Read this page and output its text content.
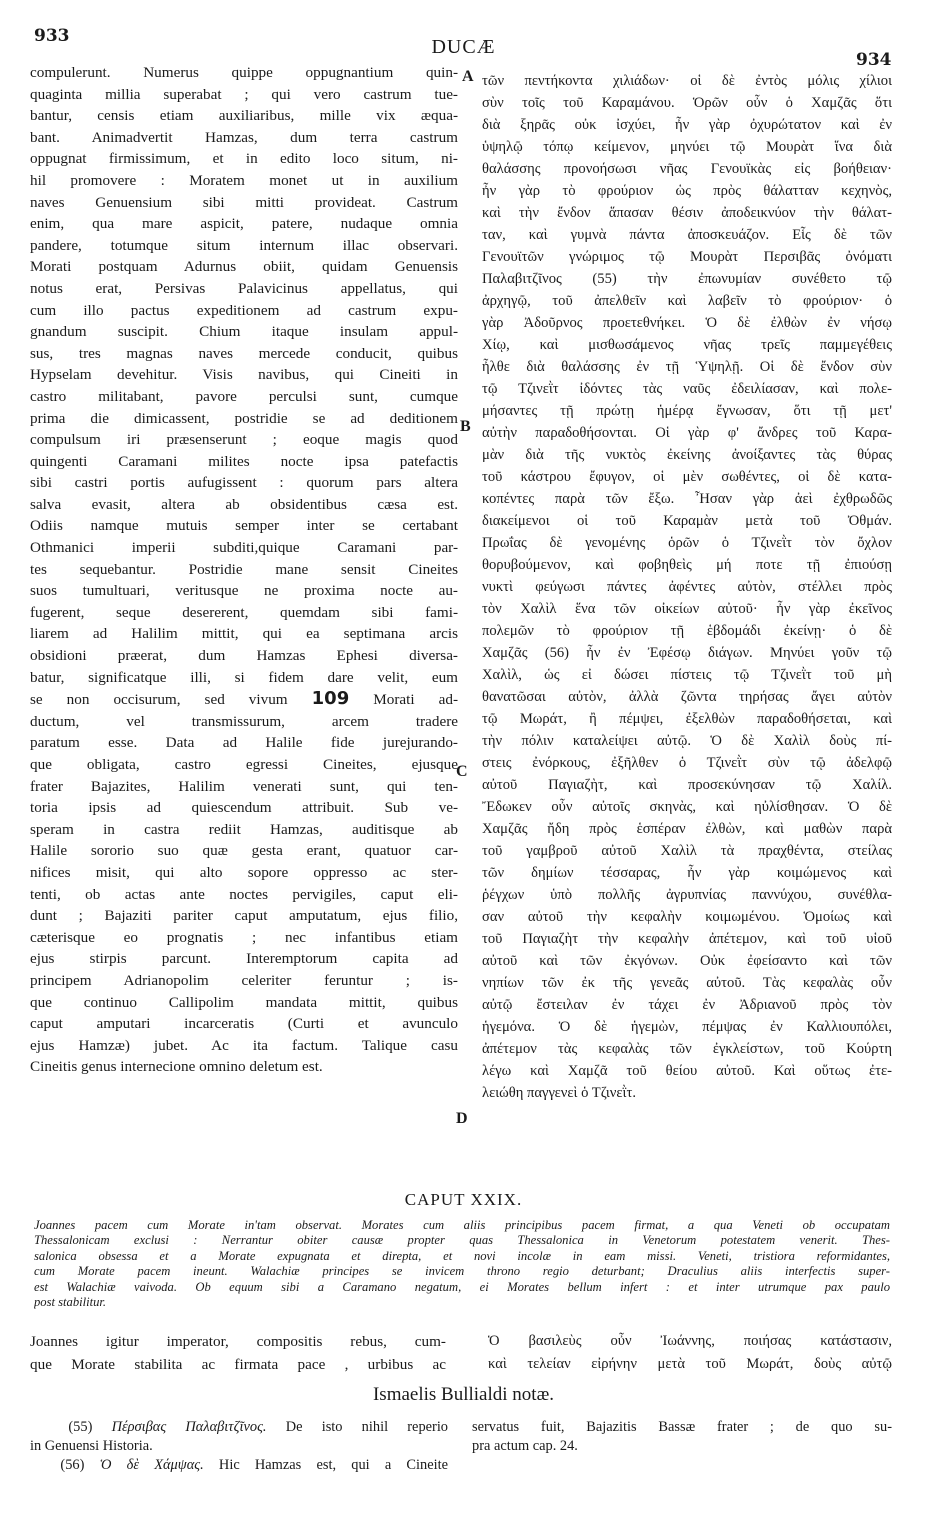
933	DUCÆ
934
compulerunt. Numerus quippe oppugnantium quin-
quaginta millia superabat ; qui vero castrum tue-
bantur, censis etiam auxiliaribus, mille vix æqua-
bant. Animadvertit Hamzas, dum terra castrum
oppugnat firmissimum, et in edito loco situm, ni-
hil promovere : Moratem monet ut in auxilium
naves Genuensium sibi mitti provideat. Castrum
enim, qua mare aspicit, patere, nudaque omnia
pandere, totumque situm internum illac observari.
Morati postquam Adurnus obiit, quidam Genuensis
notus erat, Persivas Palavicinus appellatus, qui
cum illo pactus expeditionem ad castrum expu-
gnandum suscipit. Chium itaque insulam appul-
sus, tres magnas naves mercede conducit, quibus
Hypselam devehitur. Visis navibus, qui Cineiti in
castro militabant, pavore perculsi sunt, cumque
prima die dimicassent, postridie se ad deditionem
compulsum iri præsenserunt ; eoque magis quod
quingenti Caramani milites nocte ipsa patefactis
sibi castri portis aufugissent : quorum pars altera
salva evasit, altera ab obsidentibus cæsa est.
Odiis namque mutuis semper inter se certabant
Othmanici imperii subditi,quique Caramani par-
tes sequebantur. Postridie mane sensit Cineites
suos tumultuari, veritusque ne proxima nocte au-
fugerent, seque desererent, quemdam sibi fami-
liarem ad Halilim mittit, qui ea septimana arcis
obsidioni præerat, dum Hamzas Ephesi diversa-
batur, significatque illi, si fidem dare velit, eum
se non occisurum, sed vivum 109 Morati ad-
ductum, vel transmissurum, arcem tradere
paratum esse. Data ad Halile fide jurejurando-
que obligata, castro egressi Cineites, ejusque
frater Bajazites, Halilim venerati sunt, qui ten-
toria ipsis ad quiescendum attribuit. Sub ve-
speram in castra rediit Hamzas, auditisque ab
Halile sororio suo quæ gesta erant, quatuor car-
nifices misit, qui alto sopore oppresso ac ster-
tenti, ob actas ante noctes pervigiles, caput eli-
dunt ; Bajaziti pariter caput amputatum, ejus filio,
cæterisque eo prognatis ; nec infantibus etiam
ejus stirpis parcunt. Interemptorum capita ad
principem Adrianopolim celeriter feruntur ; is-
que continuo Callipolim mandata mittit, quibus
caput amputari incarceratis (Curti et avunculo
ejus Hamzæ) jubet. Ac ita factum. Talique casu
Cineitis genus internecione omnino deletum est.
A
B
C
D
τῶν πεντήκοντα χιλιάδων· οἱ δὲ ἐντὸς μόλις χίλιοι
σὺν τοῖς τοῦ Καραμάνου. Ὁρῶν οὖν ὁ Χαμζᾶς ὅτι
διὰ ξηρᾶς οὐκ ἰσχύει, ἦν γὰρ ὀχυρώτατον καὶ ἐν
ὑψηλῷ τόπῳ κείμενον, μηνύει τῷ Μουρὰτ ἵνα διὰ
θαλάσσης προνοήσωσι νῆας Γενουϊκὰς εἰς βοήθειαν·
ἦν γὰρ τὸ φρούριον ὡς πρὸς θάλατταν κεχηνὸς,
καὶ τὴν ἔνδον ἅπασαν θέσιν ἀποδεικνύον τὴν θάλατ-
ταν, καὶ γυμνὰ πάντα ἀποσκευάζον. Εἷς δὲ τῶν
Γενουϊτῶν γνώριμος τῷ Μουρὰτ Περσιβᾶς ὀνόματι
Παλαβιτζῖνος (55) τὴν ἐπωνυμίαν συνέθετο τῷ
ἀρχηγῷ, τοῦ ἀπελθεῖν καὶ λαβεῖν τὸ φρούριον· ὁ
γὰρ Ἀδοῦρνος προετεθνήκει. Ὁ δὲ ἐλθὼν ἐν νήσῳ
Χίῳ, καὶ μισθωσάμενος νῆας τρεῖς παμμεγέθεις
ἦλθε διὰ θαλάσσης ἐν τῇ Ὑψηλῇ. Οἱ δὲ ἔνδον σὺν
τῷ Τζινεῒτ ἰδόντες τὰς ναῦς ἐδειλίασαν, καὶ πολε-
μήσαντες τῇ πρώτῃ ἡμέρᾳ ἔγνωσαν, ὅτι τῇ μετ'
αὐτὴν παραδοθήσονται. Οἱ γὰρ φ' ἄνδρες τοῦ Καρα-
μὰν διὰ τῆς νυκτὸς ἐκείνης ἀνοίξαντες τὰς θύρας
τοῦ κάστρου ἔφυγον, οἱ μὲν σωθέντες, οἱ δὲ κατα-
κοπέντες παρὰ τῶν ἔξω. Ἦσαν γὰρ ἀεὶ ἐχθρωδῶς
διακείμενοι οἱ τοῦ Καραμὰν μετὰ τοῦ Ὀθμάν.
Πρωΐας δὲ γενομένης ὁρῶν ὁ Τζινεῒτ τὸν ὄχλον
θορυβούμενον, καὶ φοβηθεὶς μή ποτε τῇ ἐπιούσῃ
νυκτὶ φεύγωσι πάντες ἀφέντες αὐτὸν, στέλλει πρὸς
τὸν Χαλὶλ ἕνα τῶν οἰκείων αὐτοῦ· ἦν γὰρ ἐκεῖνος
πολεμῶν τὸ φρούριον τῇ ἑβδομάδι ἐκείνῃ· ὁ δὲ
Χαμζᾶς (56) ἦν ἐν Ἐφέσῳ διάγων. Μηνύει γοῦν τῷ
Χαλὶλ, ὡς εἰ δώσει πίστεις τῷ Τζινεῒτ τοῦ μὴ
θανατῶσαι αὐτὸν, ἀλλὰ ζῶντα τηρήσας ἄγει αὐτὸν
τῷ Μωράτ, ἢ πέμψει, ἐξελθὼν παραδοθήσεται, καὶ
τὴν πόλιν καταλείψει αὐτῷ. Ὁ δὲ Χαλὶλ δοὺς πί-
στεις ἐνόρκους, ἐξῆλθεν ὁ Τζινεῒτ σὺν τῷ ἀδελφῷ
αὐτοῦ Παγιαζὴτ, καὶ προσεκύνησαν τῷ Χαλίλ.
Ἔδωκεν οὖν αὐτοῖς σκηνὰς, καὶ ηὐλίσθησαν. Ὁ δὲ
Χαμζᾶς ἤδη πρὸς ἑσπέραν ἐλθὼν, καὶ μαθὼν παρὰ
τοῦ γαμβροῦ αὐτοῦ Χαλὶλ τὰ πραχθέντα, στείλας
τῶν δημίων τέσσαρας, ἦν γὰρ κοιμώμενος καὶ
ῥέγχων ὑπὸ πολλῆς ἀγρυπνίας παννύχου, συνέθλα-
σαν αὐτοῦ τὴν κεφαλὴν κοιμωμένου. Ὁμοίως καὶ
τοῦ Παγιαζὴτ τὴν κεφαλὴν ἀπέτεμον, καὶ τοῦ υἱοῦ
αὐτοῦ καὶ τῶν ἐκγόνων. Οὐκ ἐφείσαντο καὶ τῶν
νηπίων τῶν ἐκ τῆς γενεᾶς αὐτοῦ. Τὰς κεφαλὰς οὖν
αὐτῷ ἔστειλαν ἐν τάχει ἐν Ἀδριανοῦ πρὸς τὸν
ἡγεμόνα. Ὁ δὲ ἡγεμὼν, πέμψας ἐν Καλλιουπόλει,
ἀπέτεμον τὰς κεφαλὰς τῶν ἐγκλείστων, τοῦ Κούρτη
λέγω καὶ Χαμζᾶ τοῦ θείου αὐτοῦ. Καὶ οὕτως ἐτε-
λειώθη παγγενεὶ ὁ Τζινεῒτ.
CAPUT XXIX.
Joannes pacem cum Morate in'tam observat. Morates cum aliis principibus pacem firmat, a qua Veneti ob occupatam
Thessalonicam exclusi : Nerrantur obiter causæ propter quas Thessalonica in Venetorum potestatem venerit. Thes-
salonica obsessa et a Morate expugnata et direpta, et novi incolæ in eam missi. Veneti, tristiora reformidantes,
cum Morate pacem ineunt. Walachiæ principes se invicem throno regio deturbant; Draculius aliis interfectis super-
est Walachiæ vaivoda. Ob equum sibi a Caramano negatum, ei Morates bellum infert : et inter utrumque pax paulo
post stabilitur.
Joannes igitur imperator, compositis rebus, cum-
que Morate stabilita ac firmata pace , urbibus ac
Ὁ βασιλεὺς οὖν Ἰωάννης, ποιήσας κατάστασιν,
καὶ τελείαν εἰρήνην μετὰ τοῦ Μωράτ, δοὺς αὐτῷ
Ismaelis Bullialdi notæ.
(55) Πέρσιβας Παλαβιτζῖνος. De isto nihil reperio
in Genuensi Historia.
(56) Ὁ δὲ Χάμψας. Hic Hamzas est, qui a Cineite
servatus fuit, Bajazitis Bassæ frater ; de quo su-
pra actum cap. 24.
